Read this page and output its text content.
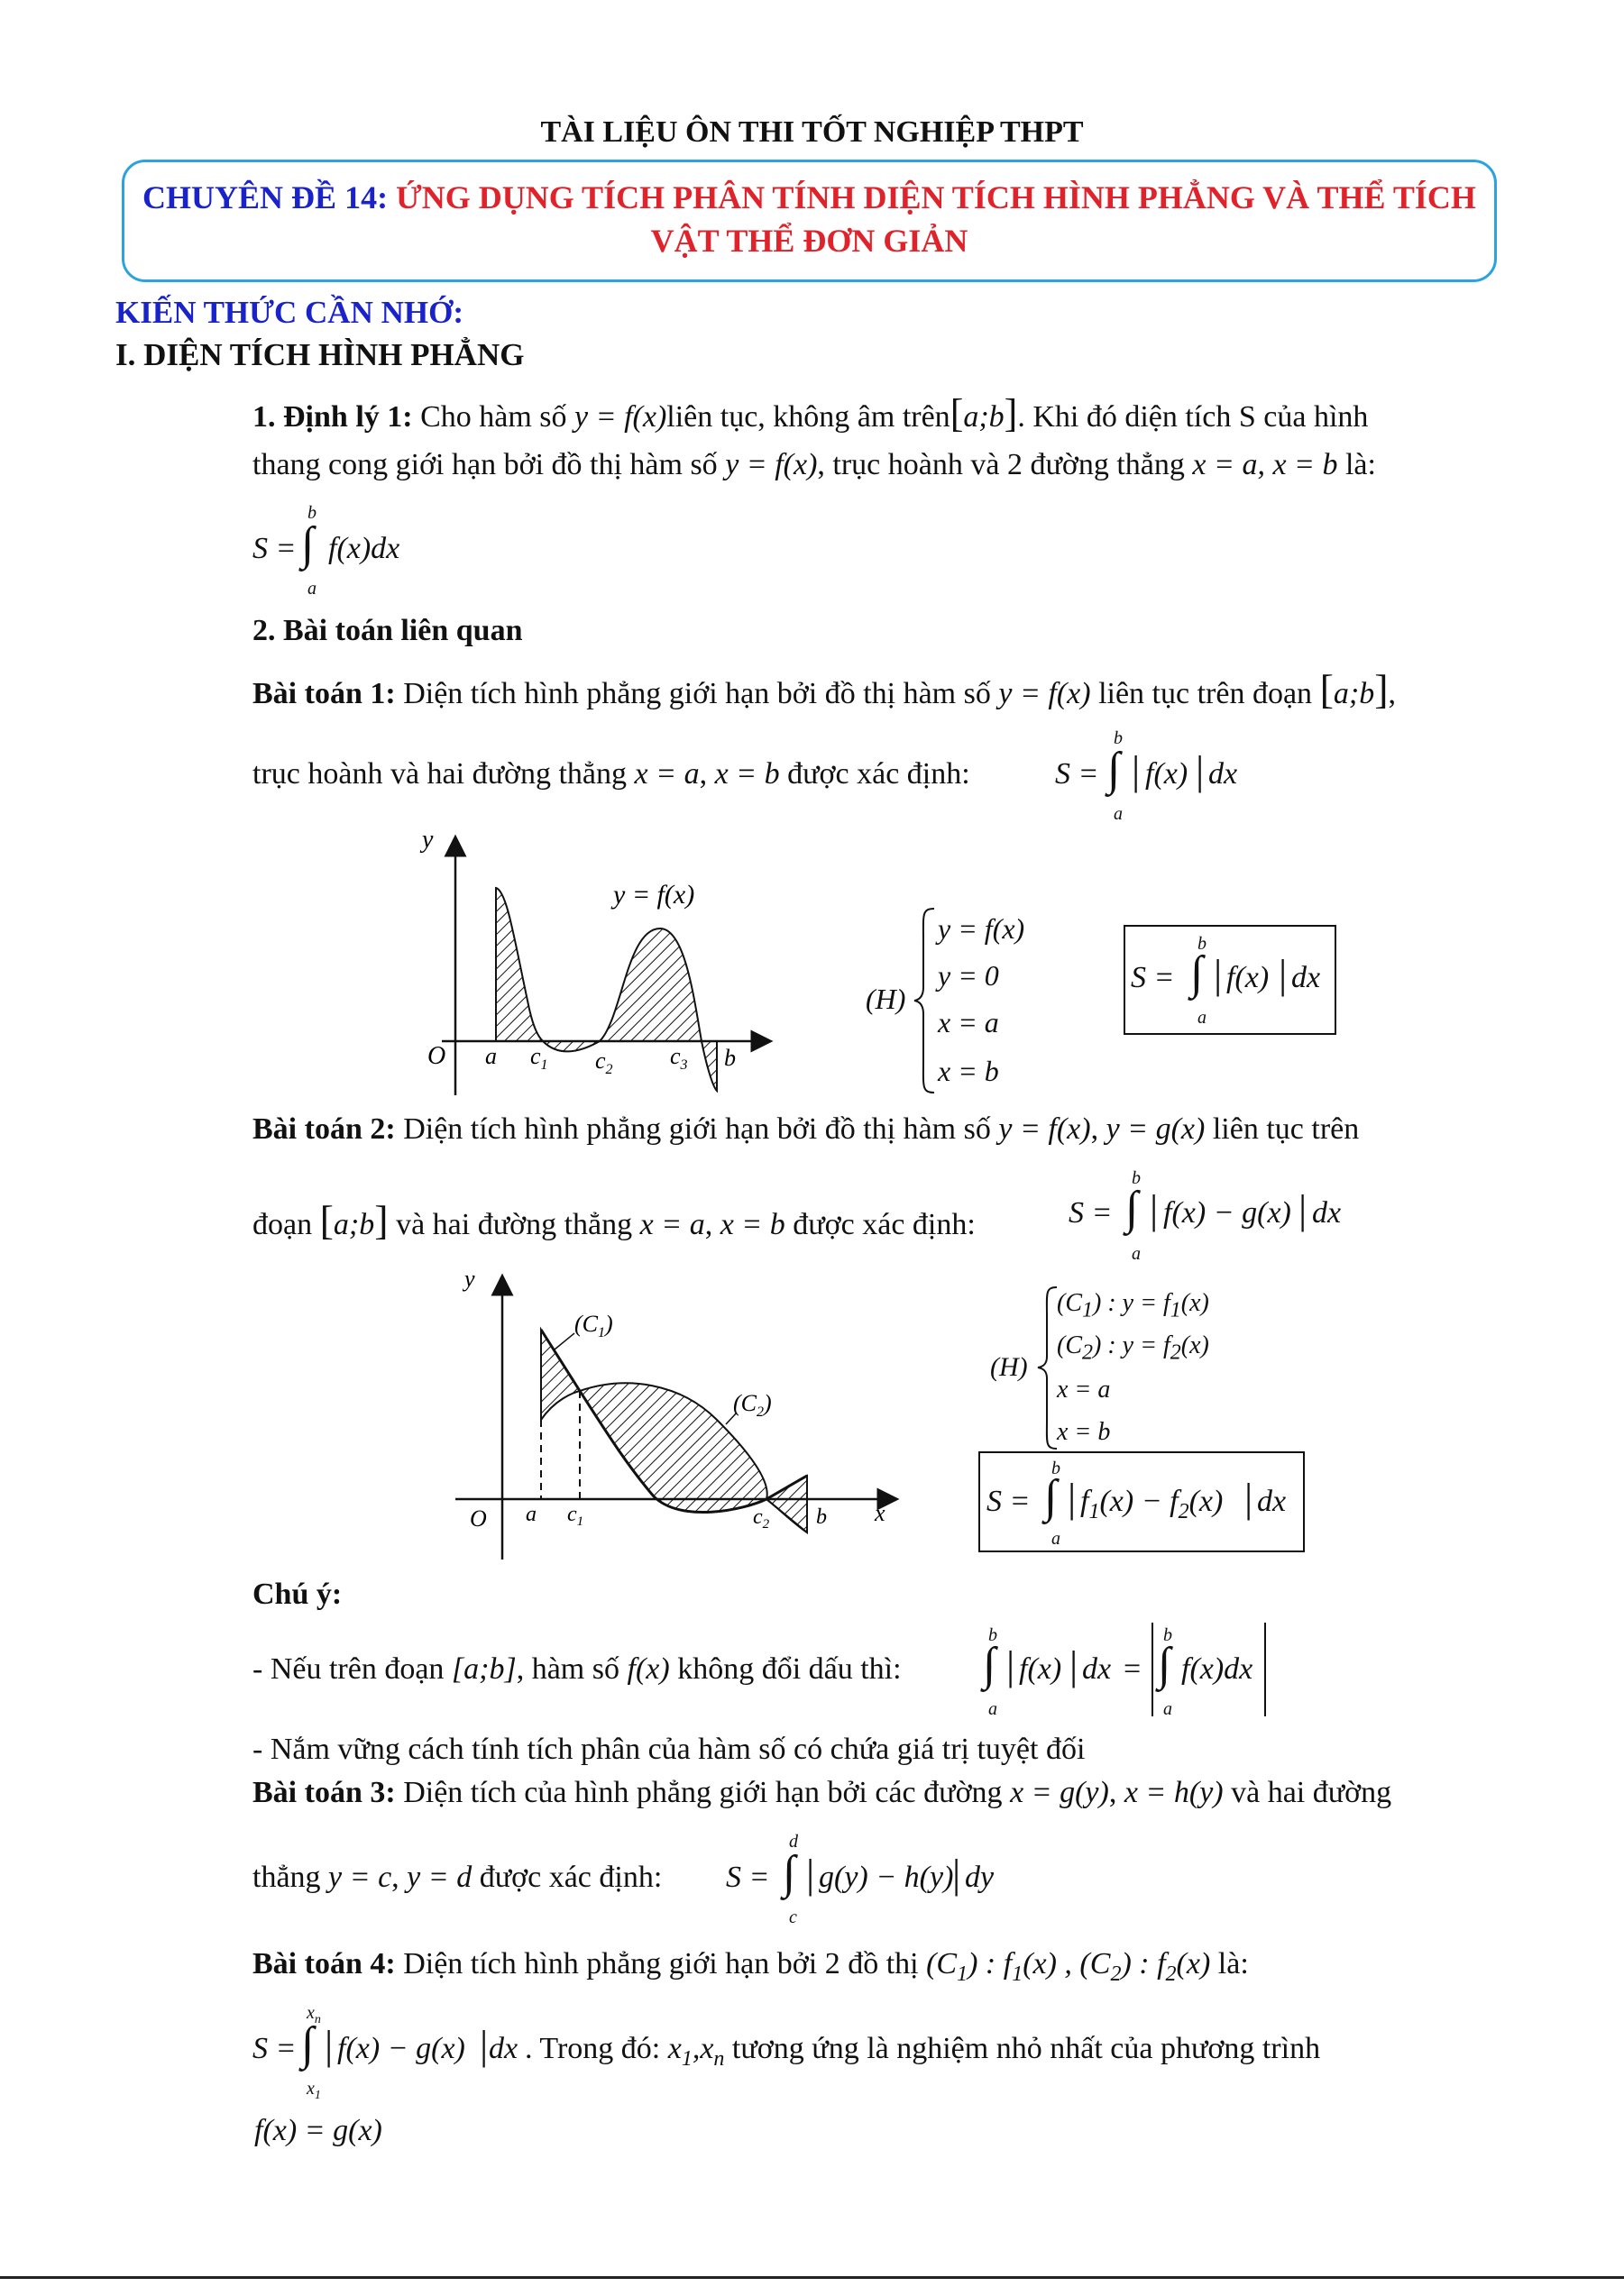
TÀI LIỆU ÔN THI TỐT NGHIỆP THPT
CHUYÊN ĐỀ 14: ỨNG DỤNG TÍCH PHÂN TÍNH DIỆN TÍCH HÌNH PHẲNG VÀ THỂ TÍCH
VẬT THỂ ĐƠN GIẢN
KIẾN THỨC CẦN NHỚ:
I. DIỆN TÍCH HÌNH PHẲNG
1. Định lý 1: Cho hàm số y = f(x)liên tục, không âm trên[a;b]. Khi đó diện tích S của hình
thang cong giới hạn bởi đồ thị hàm số y = f(x), trục hoành và 2 đường thẳng x = a, x = b là:
b
S = ∫ f(x)dx
a
2. Bài toán liên quan
Bài toán 1: Diện tích hình phẳng giới hạn bởi đồ thị hàm số y = f(x) liên tục trên đoạn [a;b],
trục hoành và hai đường thẳng x = a, x = b được xác định:
b
S = ∫ | f(x) | dx
a
y
y = f(x)
O a $c_1$ $c_2$
$c_3$ b
(H)
y = f(x)
y = 0
x = a
x = b
b
S = ∫ | f(x) | dx
a
Bài toán 2: Diện tích hình phẳng giới hạn bởi đồ thị hàm số y = f(x), y = g(x) liên tục trên
đoạn [a;b] và hai đường thẳng x = a, x = b được xác định:
b
S = ∫ | f(x) − g(x) | dx
a
y
x
$(C_1)$
$(C_2)$
O a $c_1$	$c_2$ b
(H)
$(C_1)$ : $y = f_1(x)$
$(C_2)$ : $y = f_2(x)$
x = a
x = b
b
S = ∫ | $f_1(x) - f_2(x)$ | dx
a
Chú ý:
- Nếu trên đoạn [a;b], hàm số f(x) không đổi dấu thì:
b
∫ | f(x) | dx =
a
b
∫ f(x)dx
a
- Nắm vững cách tính tích phân của hàm số có chứa giá trị tuyệt đối
Bài toán 3: Diện tích của hình phẳng giới hạn bởi các đường x = g(y), x = h(y) và hai đường
thẳng y = c, y = d được xác định:
d
S = ∫ | g(y) − h(y)
| dy
c
Bài toán 4: Diện tích hình phẳng giới hạn bởi 2 đồ thị $(C_1)$ : $f_1(x)$ , $(C_2)$ : $f_2(x)$ là:
$x_n$
S = ∫ | f(x) − g(x) | dx
$x_1$
. Trong đó: $x_1,x_n$ tương ứng là nghiệm nhỏ nhất của phương trình
f(x) = g(x)
